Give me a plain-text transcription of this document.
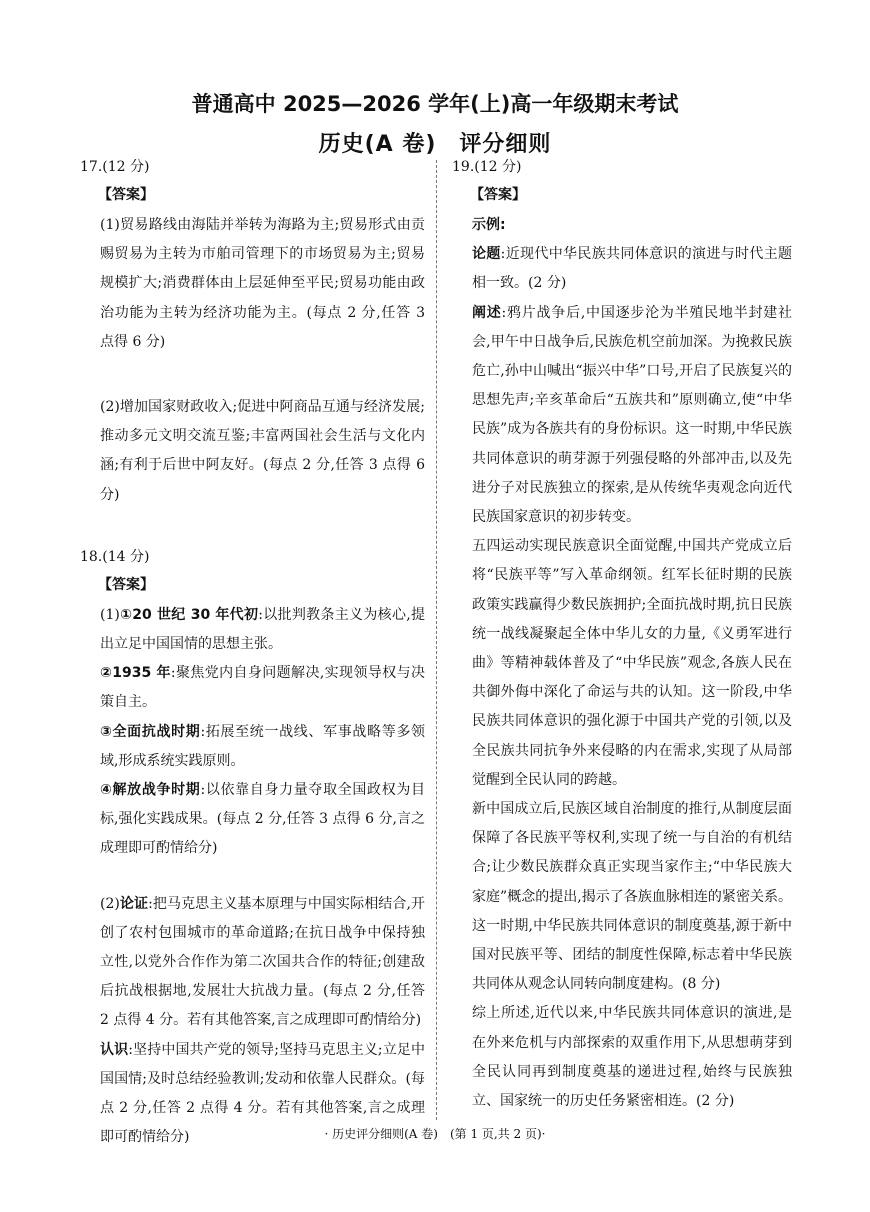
普通高中 2025—2026 学年(上)高一年级期末考试
历史(A 卷)　评分细则
17.(12 分)
【答案】

(1)贸易路线由海陆并举转为海路为主;贸易形式由贡赐贸易为主转为市舶司管理下的市场贸易为主;贸易规模扩大;消费群体由上层延伸至平民;贸易功能由政治功能为主转为经济功能为主。(每点 2 分,任答 3 点得 6 分)

(2)增加国家财政收入;促进中阿商品互通与经济发展;推动多元文明交流互鉴;丰富两国社会生活与文化内涵;有利于后世中阿友好。(每点 2 分,任答 3 点得 6 分)

18.(14 分)
【答案】

(1)①20 世纪 30 年代初:以批判教条主义为核心,提出立足中国国情的思想主张。

②1935 年:聚焦党内自身问题解决,实现领导权与决策自主。

③全面抗战时期:拓展至统一战线、军事战略等多领域,形成系统实践原则。

④解放战争时期:以依靠自身力量夺取全国政权为目标,强化实践成果。(每点 2 分,任答 3 点得 6 分,言之成理即可酌情给分)

(2)论证:把马克思主义基本原理与中国实际相结合,开创了农村包围城市的革命道路;在抗日战争中保持独立性,以党外合作作为第二次国共合作的特征;创建敌后抗战根据地,发展壮大抗战力量。(每点 2 分,任答 2 点得 4 分。若有其他答案,言之成理即可酌情给分)

认识:坚持中国共产党的领导;坚持马克思主义;立足中国国情;及时总结经验教训;发动和依靠人民群众。(每点 2 分,任答 2 点得 4 分。若有其他答案,言之成理即可酌情给分)

19.(12 分)
【答案】

示例:

论题:近现代中华民族共同体意识的演进与时代主题相一致。(2 分)

阐述:鸦片战争后,中国逐步沦为半殖民地半封建社会,甲午中日战争后,民族危机空前加深。为挽救民族危亡,孙中山喊出“振兴中华”口号,开启了民族复兴的思想先声;辛亥革命后“五族共和”原则确立,使“中华民族”成为各族共有的身份标识。这一时期,中华民族共同体意识的萌芽源于列强侵略的外部冲击,以及先进分子对民族独立的探索,是从传统华夷观念向近代民族国家意识的初步转变。

五四运动实现民族意识全面觉醒,中国共产党成立后将“民族平等”写入革命纲领。红军长征时期的民族政策实践赢得少数民族拥护;全面抗战时期,抗日民族统一战线凝聚起全体中华儿女的力量,《义勇军进行曲》等精神载体普及了“中华民族”观念,各族人民在共御外侮中深化了命运与共的认知。这一阶段,中华民族共同体意识的强化源于中国共产党的引领,以及全民族共同抗争外来侵略的内在需求,实现了从局部觉醒到全民认同的跨越。

新中国成立后,民族区域自治制度的推行,从制度层面保障了各民族平等权利,实现了统一与自治的有机结合;让少数民族群众真正实现当家作主;“中华民族大家庭”概念的提出,揭示了各族血脉相连的紧密关系。这一时期,中华民族共同体意识的制度奠基,源于新中国对民族平等、团结的制度性保障,标志着中华民族共同体从观念认同转向制度建构。(8 分)

综上所述,近代以来,中华民族共同体意识的演进,是在外来危机与内部探索的双重作用下,从思想萌芽到全民认同再到制度奠基的递进过程,始终与民族独立、国家统一的历史任务紧密相连。(2 分)

· 历史评分细则(A 卷)　(第 1 页,共 2 页)·
